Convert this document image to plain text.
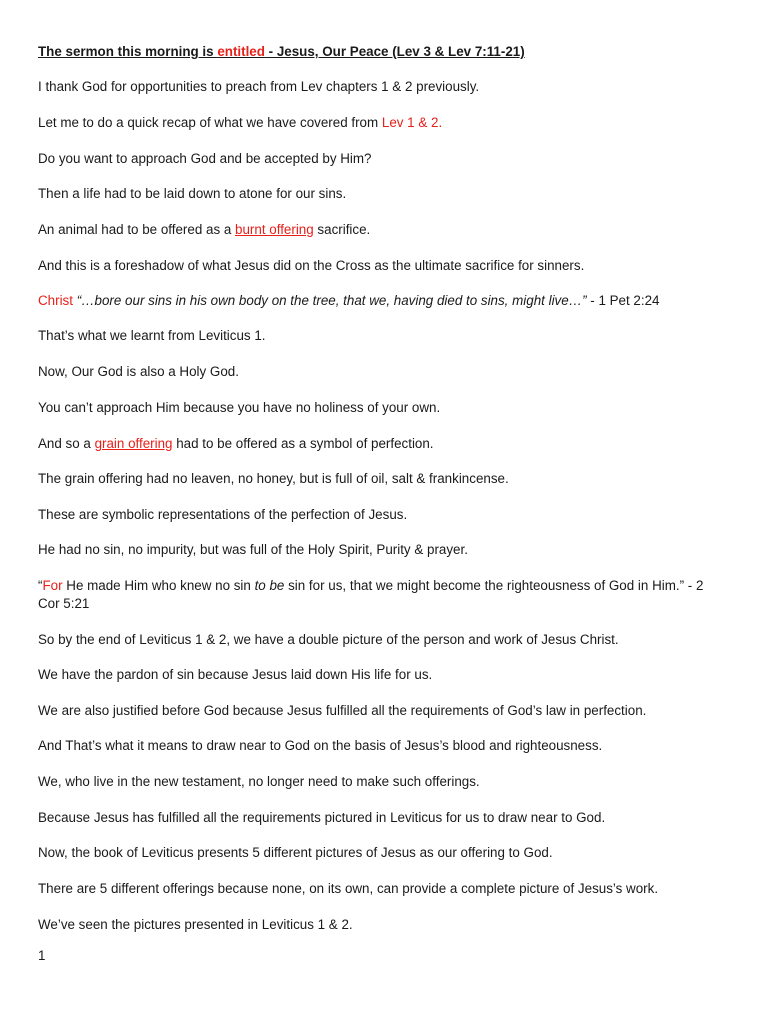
The sermon this morning is entitled - Jesus, Our Peace (Lev 3 & Lev 7:11-21)
I thank God for opportunities to preach from Lev chapters 1 & 2 previously.
Let me to do a quick recap of what we have covered from Lev 1 & 2.
Do you want to approach God and be accepted by Him?
Then a life had to be laid down to atone for our sins.
An animal had to be offered as a burnt offering sacrifice.
And this is a foreshadow of what Jesus did on the Cross as the ultimate sacrifice for sinners.
Christ “…bore our sins in his own body on the tree, that we, having died to sins, might live…” - 1 Pet 2:24
That’s what we learnt from Leviticus 1.
Now, Our God is also a Holy God.
You can’t approach Him because you have no holiness of your own.
And so a grain offering had to be offered as a symbol of perfection.
The grain offering had no leaven, no honey, but is full of oil, salt & frankincense.
These are symbolic representations of the perfection of Jesus.
He had no sin, no impurity, but was full of the Holy Spirit, Purity & prayer.
“For He made Him who knew no sin to be sin for us, that we might become the righteousness of God in Him.” - 2
Cor 5:21
So by the end of Leviticus 1 & 2, we have a double picture of the person and work of Jesus Christ.
We have the pardon of sin because Jesus laid down His life for us.
We are also justified before God because Jesus fulfilled all the requirements of God’s law in perfection.
And That’s what it means to draw near to God on the basis of Jesus’s blood and righteousness.
We, who live in the new testament, no longer need to make such offerings.
Because Jesus has fulfilled all the requirements pictured in Leviticus for us to draw near to God.
Now, the book of Leviticus presents 5 different pictures of Jesus as our offering to God.
There are 5 different offerings because none, on its own, can provide a complete picture of Jesus’s work.
We’ve seen the pictures presented in Leviticus 1 & 2.
1
